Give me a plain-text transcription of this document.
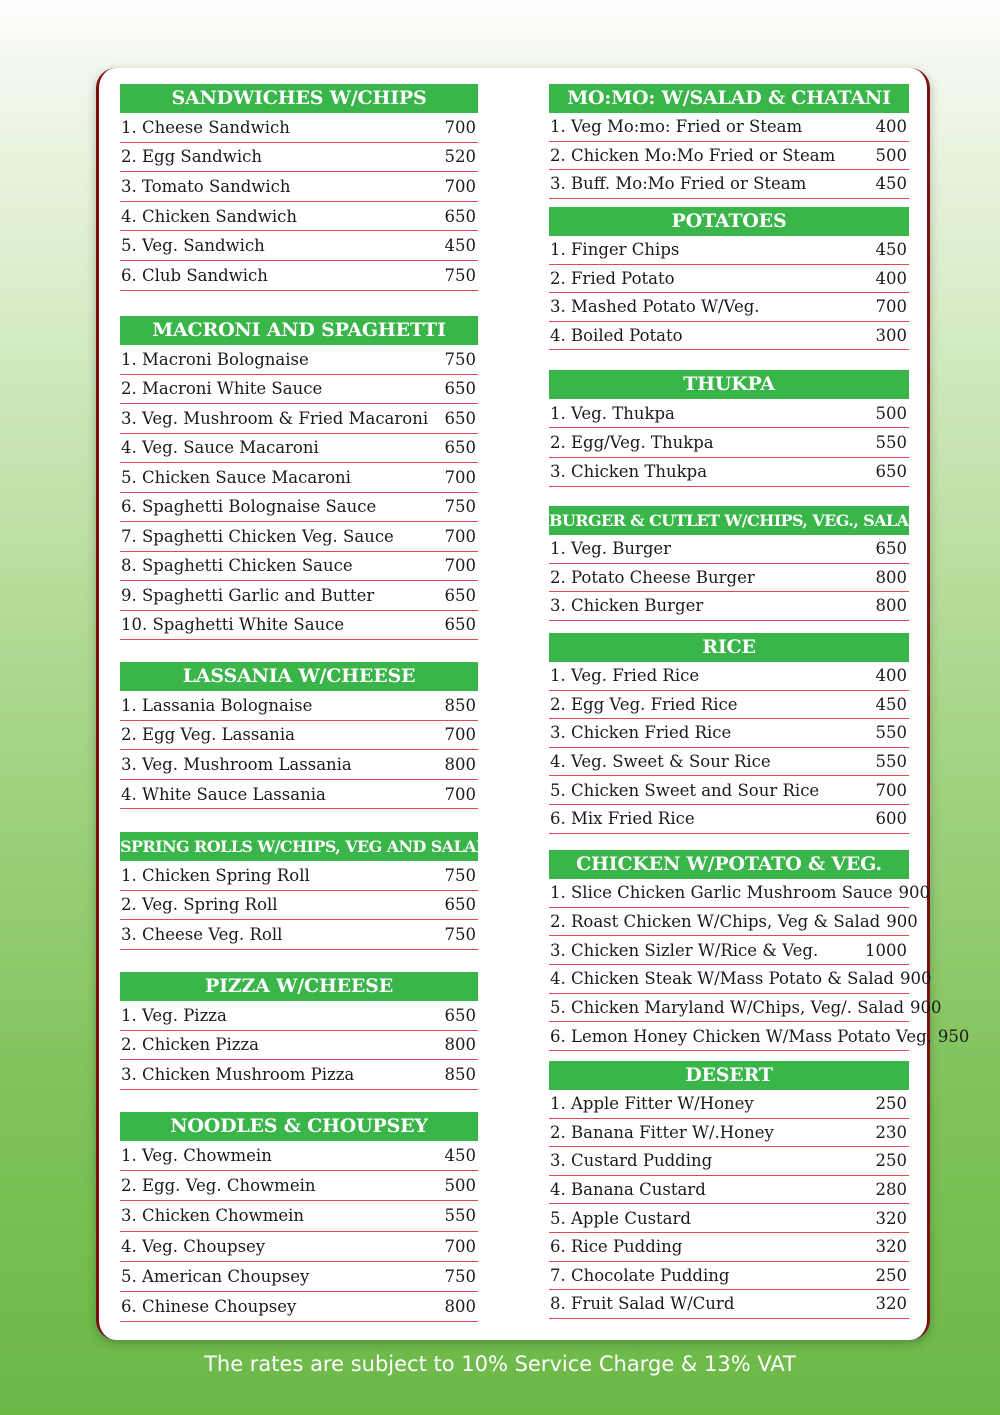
SANDWICHES W/CHIPS
1. Cheese Sandwich	700
2. Egg Sandwich	520
3. Tomato Sandwich	700
4. Chicken Sandwich	650
5. Veg. Sandwich	450
6. Club Sandwich	750
MACRONI AND SPAGHETTI
1. Macroni Bolognaise	750
2. Macroni White Sauce	650
3. Veg. Mushroom & Fried Macaroni 650
4. Veg. Sauce Macaroni	650
5. Chicken Sauce Macaroni	700
6. Spaghetti Bolognaise Sauce	750
7. Spaghetti Chicken Veg. Sauce	700
8. Spaghetti Chicken Sauce	700
9. Spaghetti Garlic and Butter	650
10. Spaghetti White Sauce	650
LASSANIA W/CHEESE
1. Lassania Bolognaise	850
2. Egg Veg. Lassania	700
3. Veg. Mushroom Lassania	800
4. White Sauce Lassania	700
SPRING ROLLS W/CHIPS, VEG AND SALAD
1. Chicken Spring Roll	750
2. Veg. Spring Roll	650
3. Cheese Veg. Roll	750
PIZZA W/CHEESE
1. Veg. Pizza	650
2. Chicken Pizza	800
3. Chicken Mushroom Pizza	850
NOODLES & CHOUPSEY
1. Veg. Chowmein	450
2. Egg. Veg. Chowmein	500
3. Chicken Chowmein	550
4. Veg. Choupsey	700
5. American Choupsey	750
6. Chinese Choupsey	800
MO:MO: W/SALAD & CHATANI
1. Veg Mo:mo: Fried or Steam	400
2. Chicken Mo:Mo Fried or Steam	500
3. Buff. Mo:Mo Fried or Steam	450
POTATOES
1. Finger Chips	450
2. Fried Potato	400
3. Mashed Potato W/Veg.	700
4. Boiled Potato	300
THUKPA
1. Veg. Thukpa	500
2. Egg/Veg. Thukpa	550
3. Chicken Thukpa	650
BURGER & CUTLET W/CHIPS, VEG., SALAD
1. Veg. Burger	650
2. Potato Cheese Burger	800
3. Chicken Burger	800
RICE
1. Veg. Fried Rice	400
2. Egg Veg. Fried Rice	450
3. Chicken Fried Rice	550
4. Veg. Sweet & Sour Rice	550
5. Chicken Sweet and Sour Rice	700
6. Mix Fried Rice	600
CHICKEN W/POTATO & VEG.
1. Slice Chicken Garlic Mushroom Sauce 900
2. Roast Chicken W/Chips, Veg & Salad 900
3. Chicken Sizler W/Rice & Veg.	1000
4. Chicken Steak W/Mass Potato & Salad 900
5. Chicken Maryland W/Chips, Veg/. Salad 900
6. Lemon Honey Chicken W/Mass Potato Veg. 950
DESERT
1. Apple Fitter W/Honey	250
2. Banana Fitter W/.Honey	230
3. Custard Pudding	250
4. Banana Custard	280
5. Apple Custard	320
6. Rice Pudding	320
7. Chocolate Pudding	250
8. Fruit Salad W/Curd	320
The rates are subject to 10% Service Charge & 13% VAT
